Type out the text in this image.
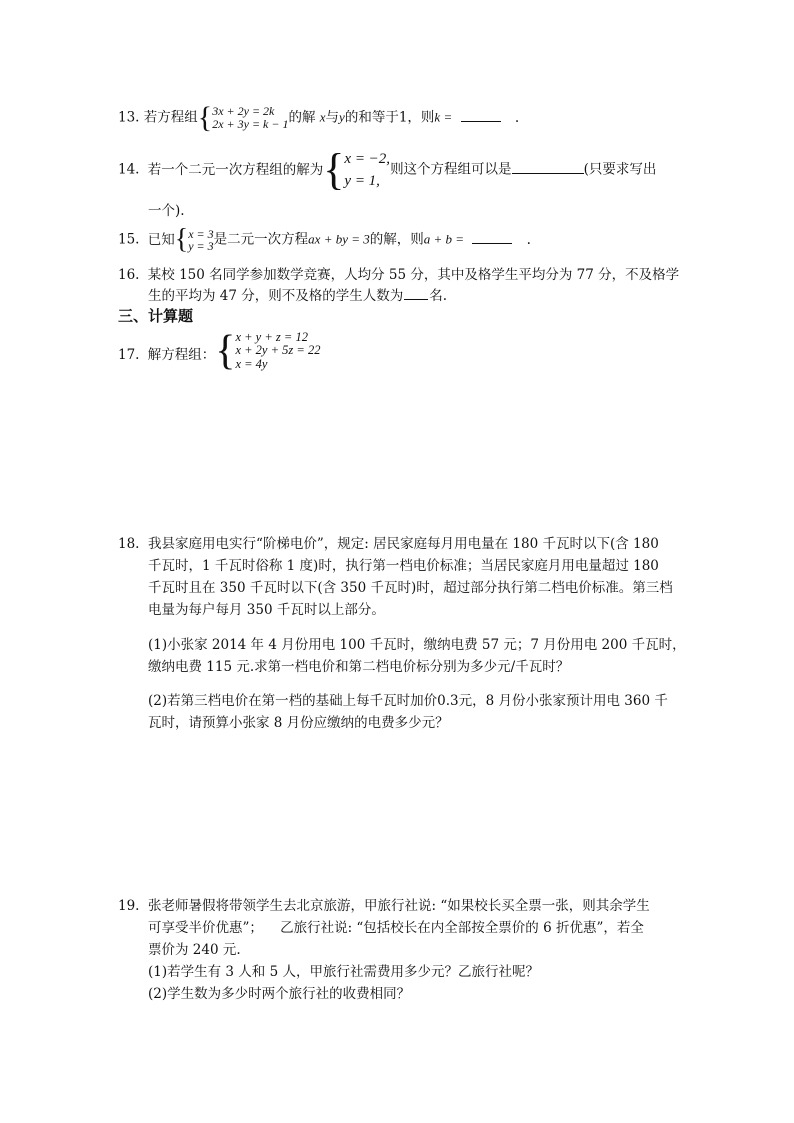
13. 若方程组 { 3x + 2y = 2k
2x + 3y = k − 1 的解 x与y的和等于1，则k =	.
14. 若一个二元一次方程组的解为 { x = −2,
y = 1,
则这个方程组可以是	(只要求写出
一个).
15. 已知 { x = 3
y = 3 是二元一次方程ax + by = 3的解，则a + b =	.
16. 某校 150 名同学参加数学竞赛，人均分 55 分，其中及格学生平均分为 77 分，不及格学
生的平均为 47 分，则不及格的学生人数为 名.
三、计算题
17. 解方程组： { x + y + z = 12
x + 2y + 5z = 22
x = 4y
18. 我县家庭用电实行“阶梯电价”，规定: 居民家庭每月用电量在 180 千瓦时以下(含 180
千瓦时，1 千瓦时俗称 1 度)时，执行第一档电价标准；当居民家庭月用电量超过 180
千瓦时且在 350 千瓦时以下(含 350 千瓦时)时，超过部分执行第二档电价标准。第三档
电量为每户每月 350 千瓦时以上部分。
(1)小张家 2014 年 4 月份用电 100 千瓦时，缴纳电费 57 元；7 月份用电 200 千瓦时，
缴纳电费 115 元.求第一档电价和第二档电价标分别为多少元/千瓦时？
(2)若第三档电价在第一档的基础上每千瓦时加价0.3元，8 月份小张家预计用电 360 千
瓦时，请预算小张家 8 月份应缴纳的电费多少元？
19. 张老师暑假将带领学生去北京旅游，甲旅行社说: “如果校长买全票一张，则其余学生
可享受半价优惠”；    乙旅行社说: “包括校长在内全部按全票价的 6 折优惠”，若全
票价为 240 元.
(1)若学生有 3 人和 5 人，甲旅行社需费用多少元？乙旅行社呢？
(2)学生数为多少时两个旅行社的收费相同？
